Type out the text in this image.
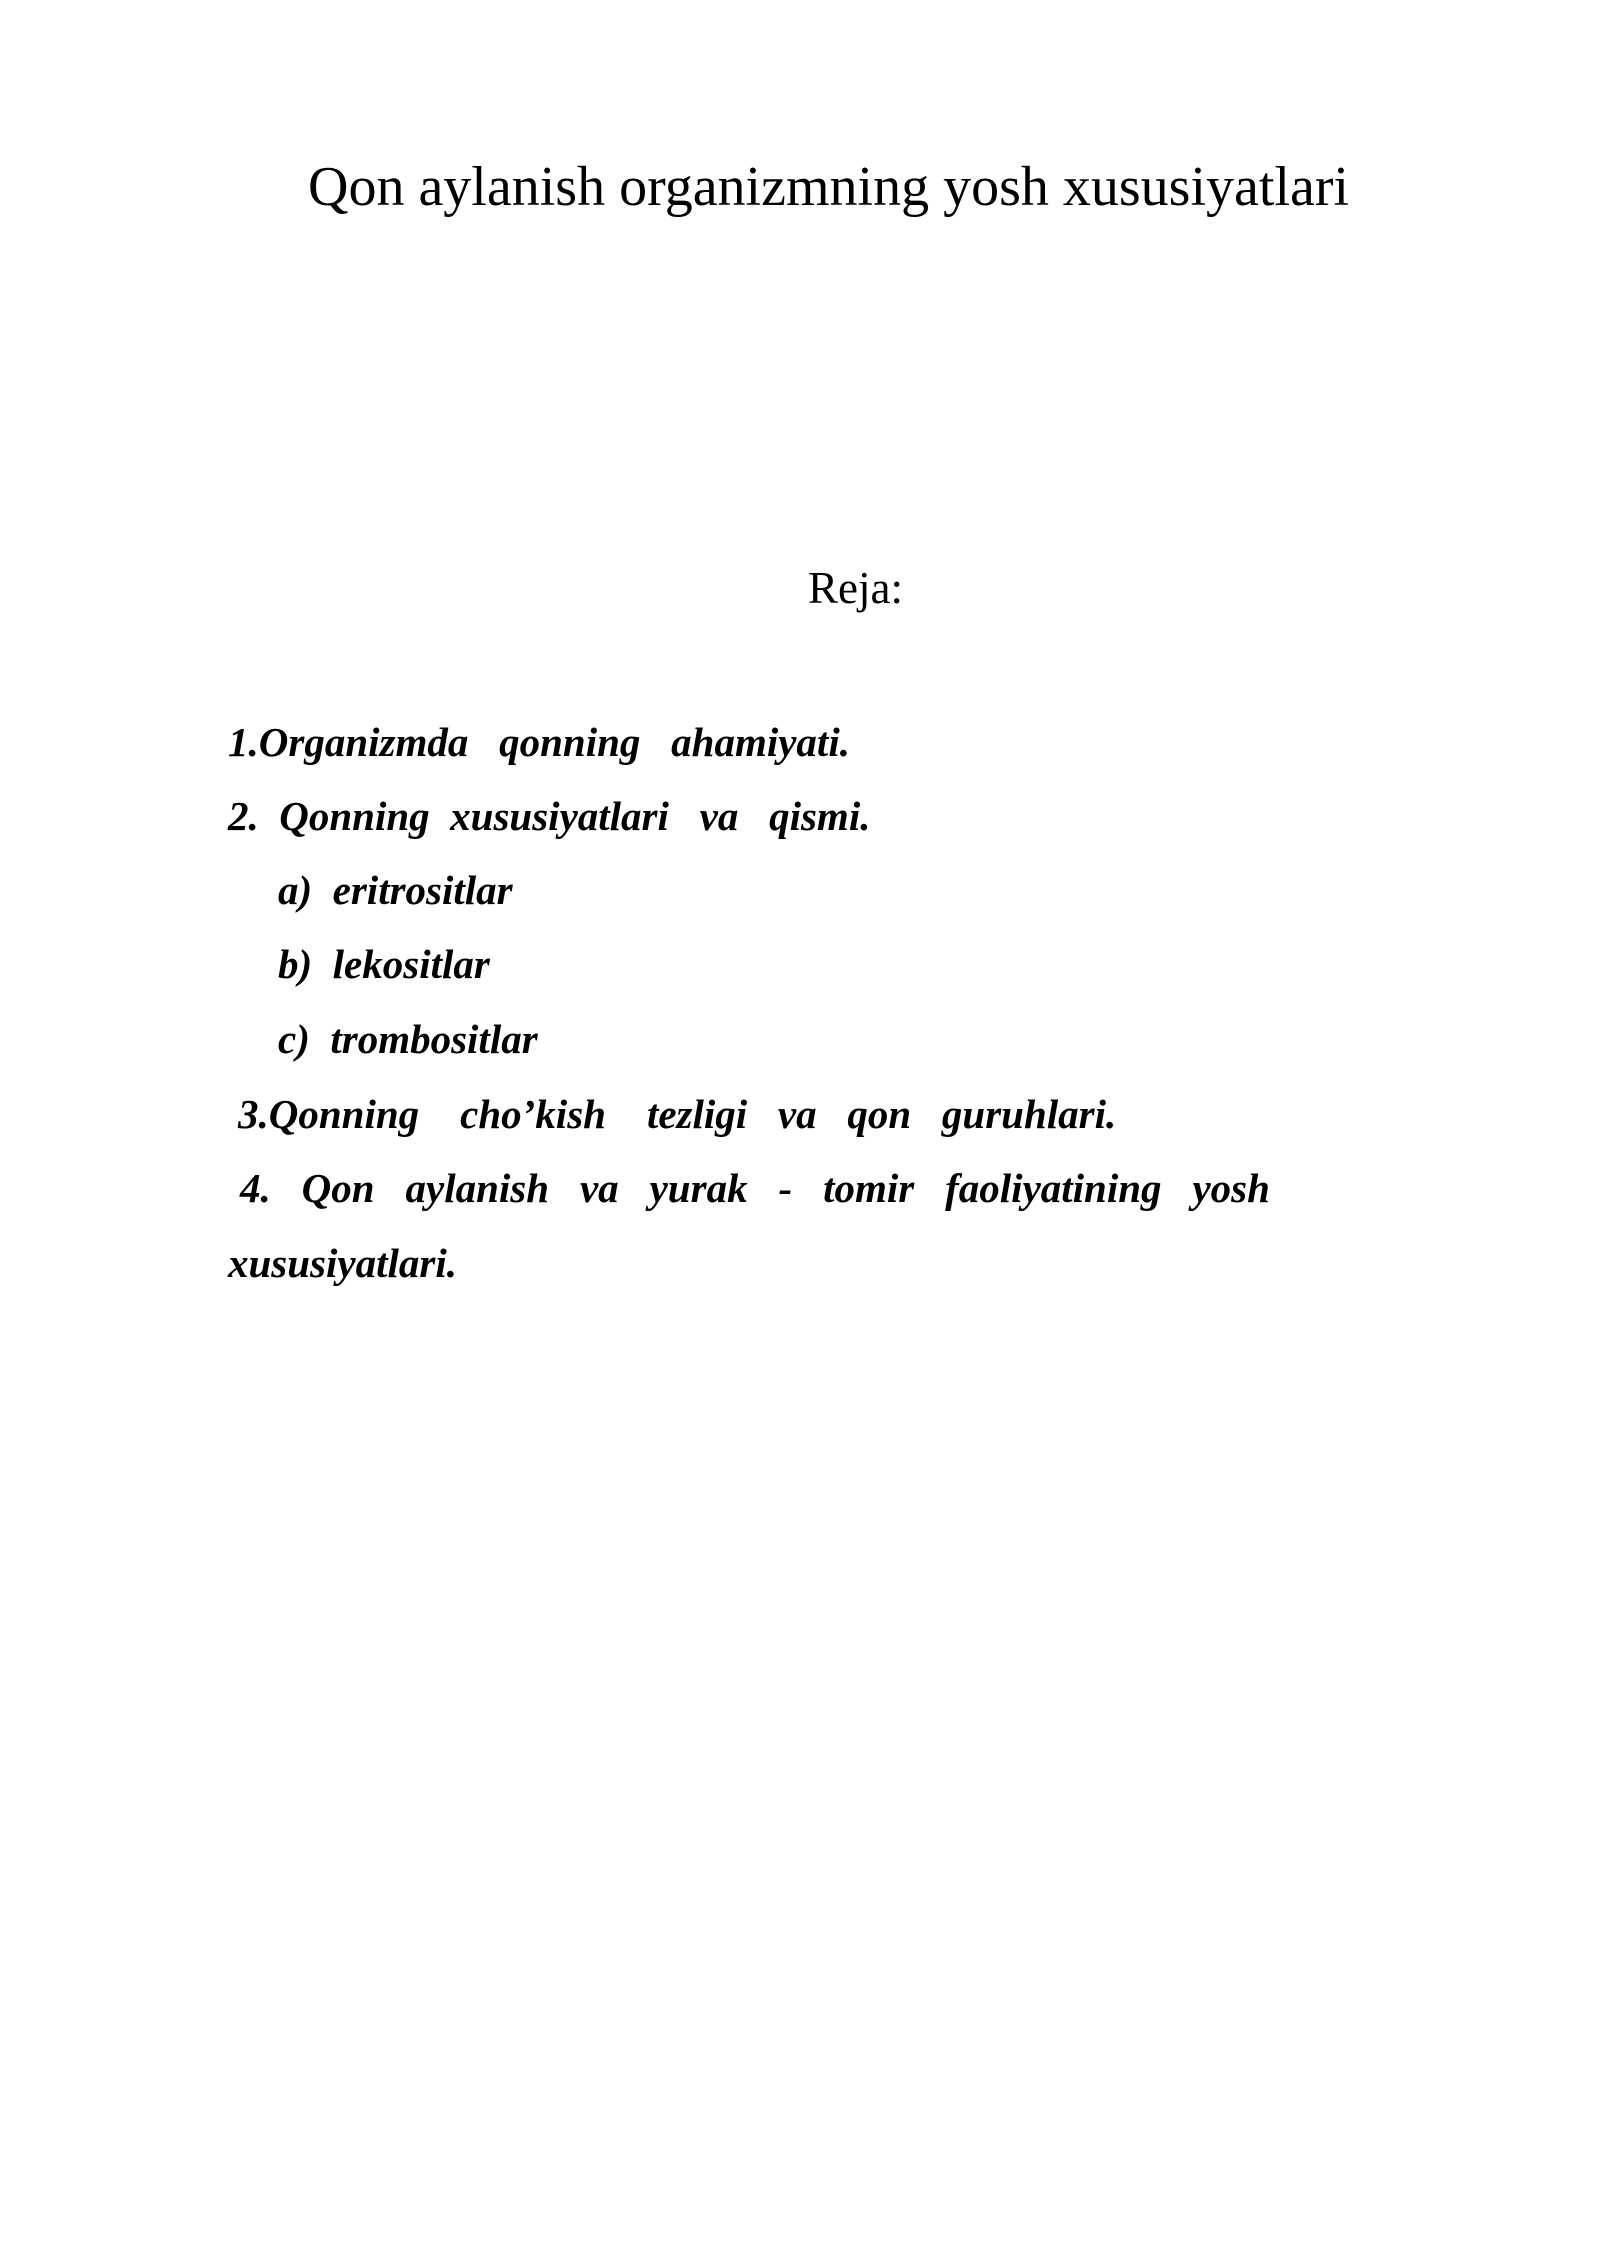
Qon aylanish organizmning yosh xususiyatlari
Reja:
1.Organizmda   qonning   ahamiyati.
2.  Qonning  xususiyatlari   va   qismi.
a)  eritrositlar
b)  lekositlar
c)  trombositlar
3.Qonning    cho’kish    tezligi   va   qon   guruhlari.
4. Qon aylanish va yurak - tomir faoliyatining yosh
xususiyatlari.
